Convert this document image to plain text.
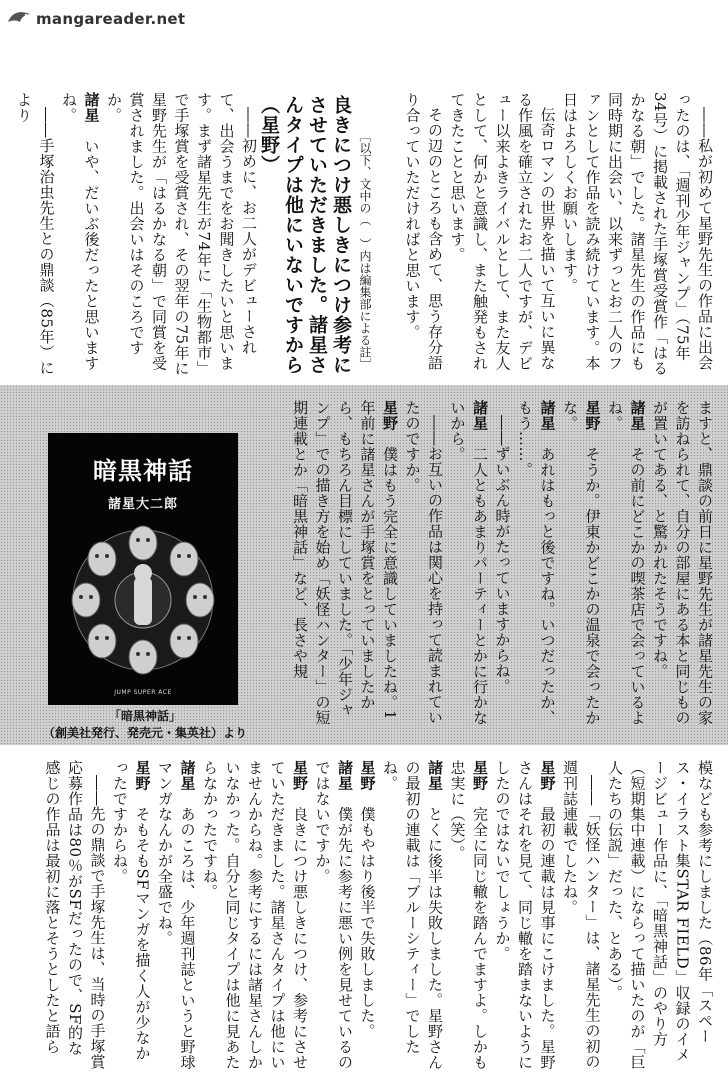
mangareader.net

――私が初めて星野先生の作品に出会ったのは、「週刊少年ジャンプ」（75年34号）に掲載された手塚賞受賞作「はるかなる朝」でした。諸星先生の作品にも同時期に出会い、以来ずっとお二人のファンとして作品を読み続けています。本日はよろしくお願いします。

伝奇ロマンの世界を描いて互いに異なる作風を確立されたお二人ですが、デビュー以来よきライバルとして、また友人として、何かと意識し、また触発もされてきたことと思います。

その辺のところも含めて、思う存分語り合っていただければと思います。

［以下、文中の（　）内は編集部による註］
良きにつけ悪しきにつけ参考にさせていただきました。諸星さんタイプは他にいないですから（星野）

――初めに、お二人がデビューされて、出会うまでをお聞きしたいと思います。まず諸星先生が74年に「生物都市」で手塚賞を受賞され、その翌年の75年に星野先生が「はるかなる朝」で同賞を受賞されました。出会いはそのころですか。

諸星　いや、だいぶ後だったと思いますね。

――手塚治虫先生との鼎談（85年）により

ますと、鼎談の前日に星野先生が諸星先生の家を訪ねられて、自分の部屋にある本と同じものが置いてある、と驚かれたそうですね。

諸星　その前にどこかの喫茶店で会っているよね。

星野　そうか。伊東かどこかの温泉で会ったかな。

諸星　あれはもっと後ですね。いつだったか、もう……。

――ずいぶん時がたっていますからね。

諸星　二人ともあまりパーティーとかに行かないから。

――お互いの作品は関心を持って読まれていたのですか。

星野　僕はもう完全に意識していましたね。1年前に諸星さんが手塚賞をとっていましたから、もちろん目標にしていました。「少年ジャンプ」での描き方を始め「妖怪ハンター」の短期連載とか「暗黒神話」など、長さや規

暗黒神話
諸星大二郎
JUMP SUPER ACE
「暗黒神話」
（創美社発行、発売元・集英社）より

模なども参考にしました（86年「スペース・イラスト集STAR FIELD」収録のイメージビュー作品に、「暗黒神話」のやり方（短期集中連載）にならって描いたのが「巨人たちの伝説」だった、とある）。

――「妖怪ハンター」は、諸星先生の初の週刊誌連載でしたね。

星野　最初の連載は見事にこけました。星野さんはそれを見て、同じ轍を踏まないようにしたのではないでしょうか。

星野　完全に同じ轍を踏んでますよ。しかも忠実に（笑）。

諸星　とくに後半は失敗しました。星野さんの最初の連載は「ブルーシティー」でしたね。

星野　僕もやはり後半で失敗しました。

諸星　僕が先に参考に悪い例を見せているのではないですか。

星野　良きにつけ悪しきにつけ、参考にさせていただきました。諸星さんタイプは他にいませんからね。参考にするには諸星さんしかいなかった。自分と同じタイプは他に見あたらなかったですね。

諸星　あのころは、少年週刊誌というと野球マンガなんかが全盛でね。

星野　そもそもSFマンガを描く人が少なかったですからね。

――先の鼎談で手塚先生は、当時の手塚賞応募作品は80％がSFだったので、SF的な感じの作品は最初に落とそうとしたと語ら
